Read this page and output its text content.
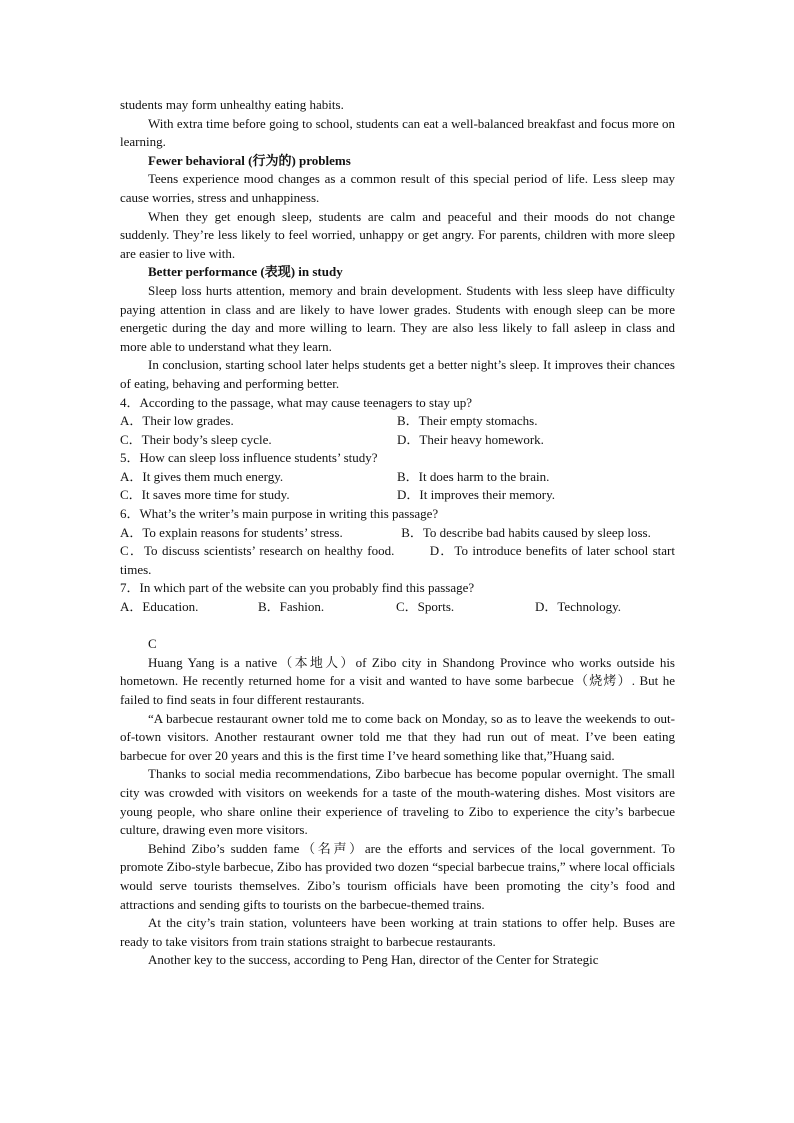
students may form unhealthy eating habits.

With extra time before going to school, students can eat a well-balanced breakfast and focus more on learning.

Fewer behavioral (行为的) problems

Teens experience mood changes as a common result of this special period of life. Less sleep may cause worries, stress and unhappiness.

When they get enough sleep, students are calm and peaceful and their moods do not change suddenly. They’re less likely to feel worried, unhappy or get angry. For parents, children with more sleep are easier to live with.

Better performance (表现) in study

Sleep loss hurts attention, memory and brain development. Students with less sleep have difficulty paying attention in class and are likely to have lower grades. Students with enough sleep can be more energetic during the day and more willing to learn. They are also less likely to fall asleep in class and more able to understand what they learn.

In conclusion, starting school later helps students get a better night’s sleep. It improves their chances of eating, behaving and performing better.

4．According to the passage, what may cause teenagers to stay up?

A．Their low grades.	B．Their empty stomachs.
C．Their body’s sleep cycle.	D．Their heavy homework.

5．How can sleep loss influence students’ study?

A．It gives them much energy.	B．It does harm to the brain.
C．It saves more time for study.	D．It improves their memory.

6．What’s the writer’s main purpose in writing this passage?

A．To explain reasons for students’ stress.                  B．To describe bad habits caused by sleep loss.

C．To discuss scientists’ research on healthy food.        D．To introduce benefits of later school start times.

7．In which part of the website can you probably find this passage?

A．Education.	B．Fashion.	C．Sports.	D．Technology.

C

Huang Yang is a native（本地人）of Zibo city in Shandong Province who works outside his hometown. He recently returned home for a visit and wanted to have some barbecue（烧烤）. But he failed to find seats in four different restaurants.

“A barbecue restaurant owner told me to come back on Monday, so as to leave the weekends to out-of-town visitors. Another restaurant owner told me that they had run out of meat. I’ve been eating barbecue for over 20 years and this is the first time I’ve heard something like that,”Huang said.

Thanks to social media recommendations, Zibo barbecue has become popular overnight. The small city was crowded with visitors on weekends for a taste of the mouth-watering dishes. Most visitors are young people, who share online their experience of traveling to Zibo to experience the city’s barbecue culture, drawing even more visitors.

Behind Zibo’s sudden fame（名声）are the efforts and services of the local government. To promote Zibo-style barbecue, Zibo has provided two dozen “special barbecue trains,” where local officials would serve tourists themselves. Zibo’s tourism officials have been promoting the city’s food and attractions and sending gifts to tourists on the barbecue-themed trains.

At the city’s train station, volunteers have been working at train stations to offer help. Buses are ready to take visitors from train stations straight to barbecue restaurants.

Another key to the success, according to Peng Han, director of the Center for Strategic
